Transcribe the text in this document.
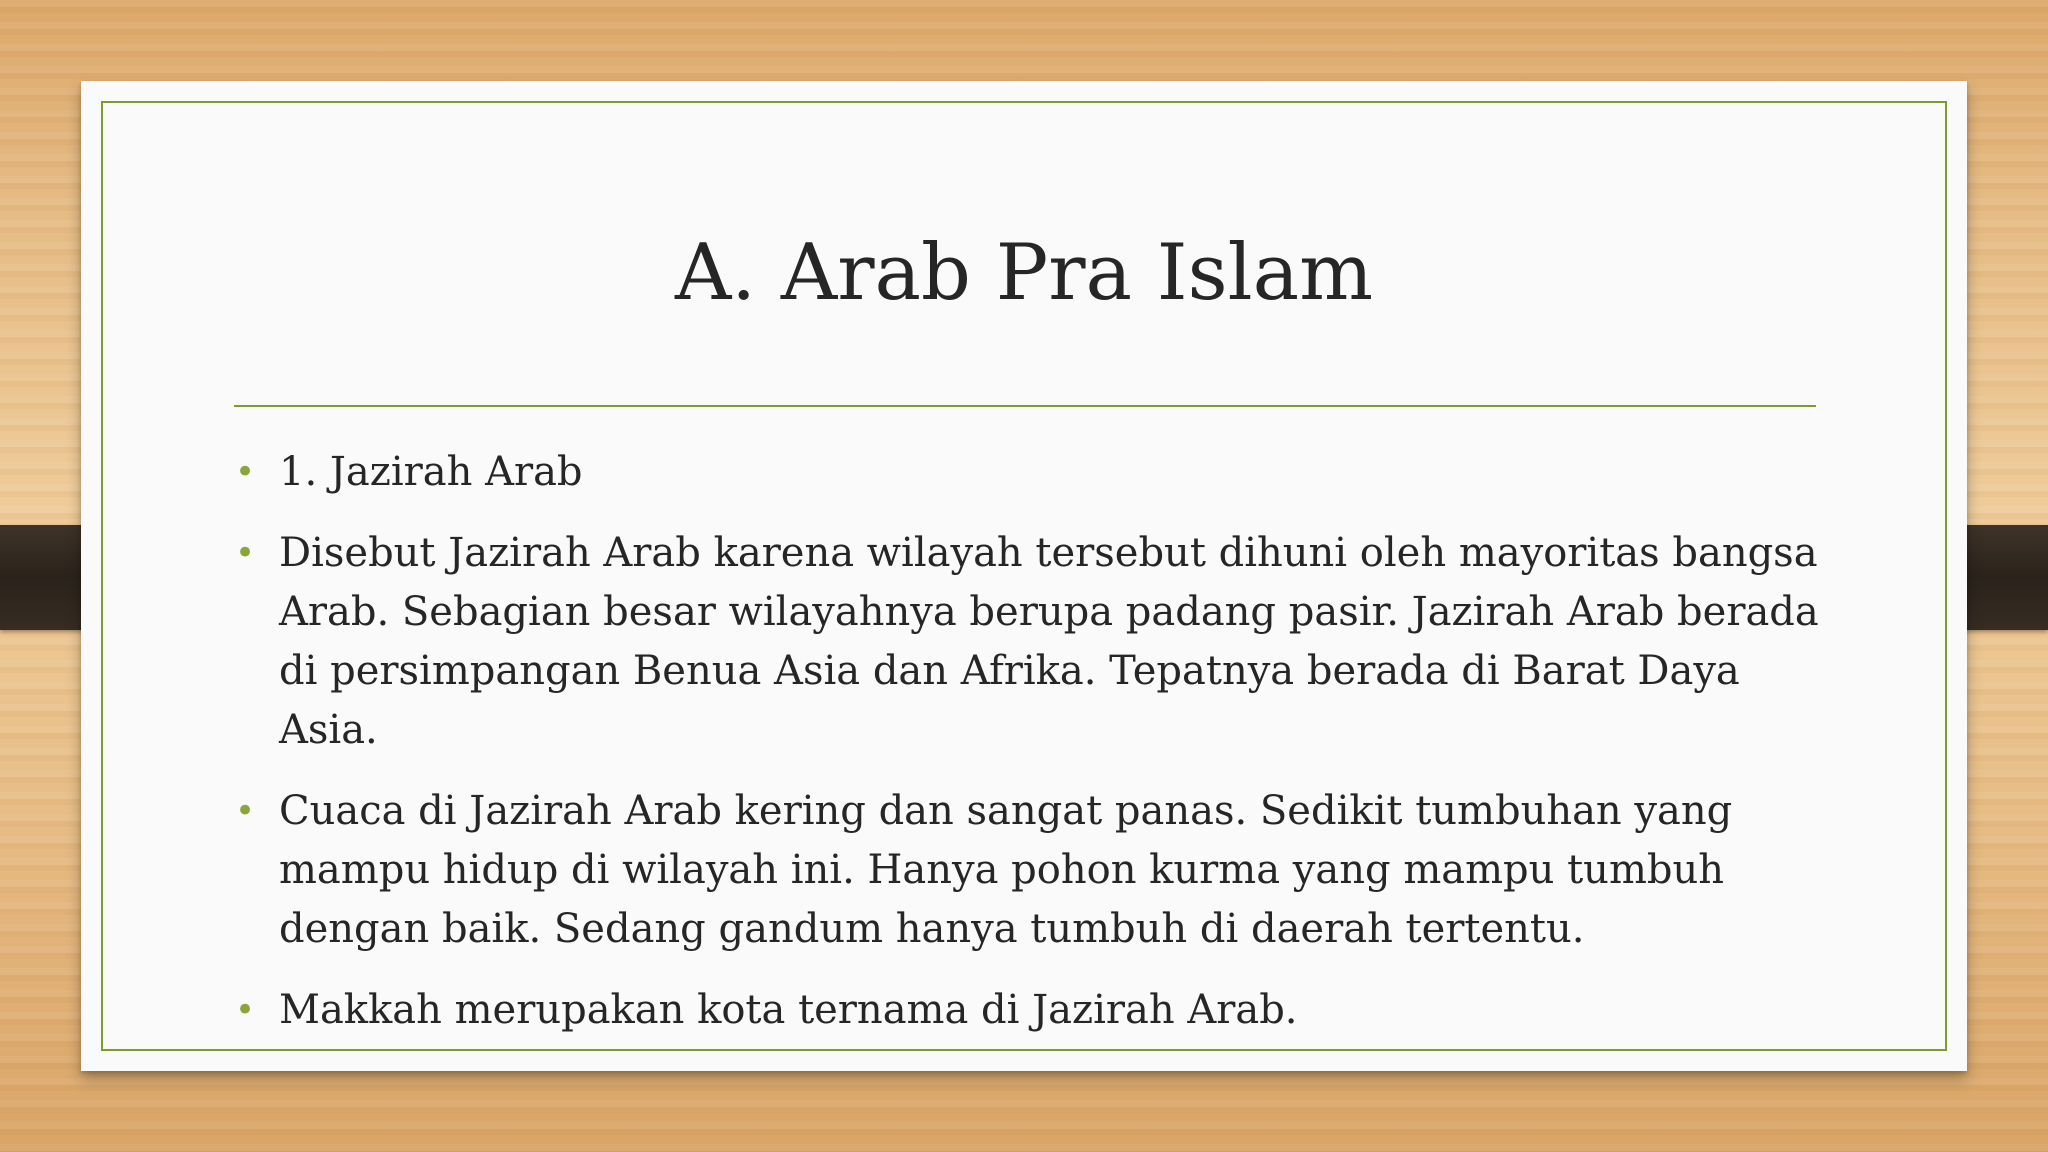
A. Arab Pra Islam
• 1. Jazirah Arab
• Disebut Jazirah Arab karena wilayah tersebut dihuni oleh mayoritas bangsa Arab. Sebagian besar wilayahnya berupa padang pasir. Jazirah Arab berada di persimpangan Benua Asia dan Afrika. Tepatnya berada di Barat Daya Asia.
• Cuaca di Jazirah Arab kering dan sangat panas. Sedikit tumbuhan yang mampu hidup di wilayah ini. Hanya pohon kurma yang mampu tumbuh dengan baik. Sedang gandum hanya tumbuh di daerah tertentu.
• Makkah merupakan kota ternama di Jazirah Arab.
